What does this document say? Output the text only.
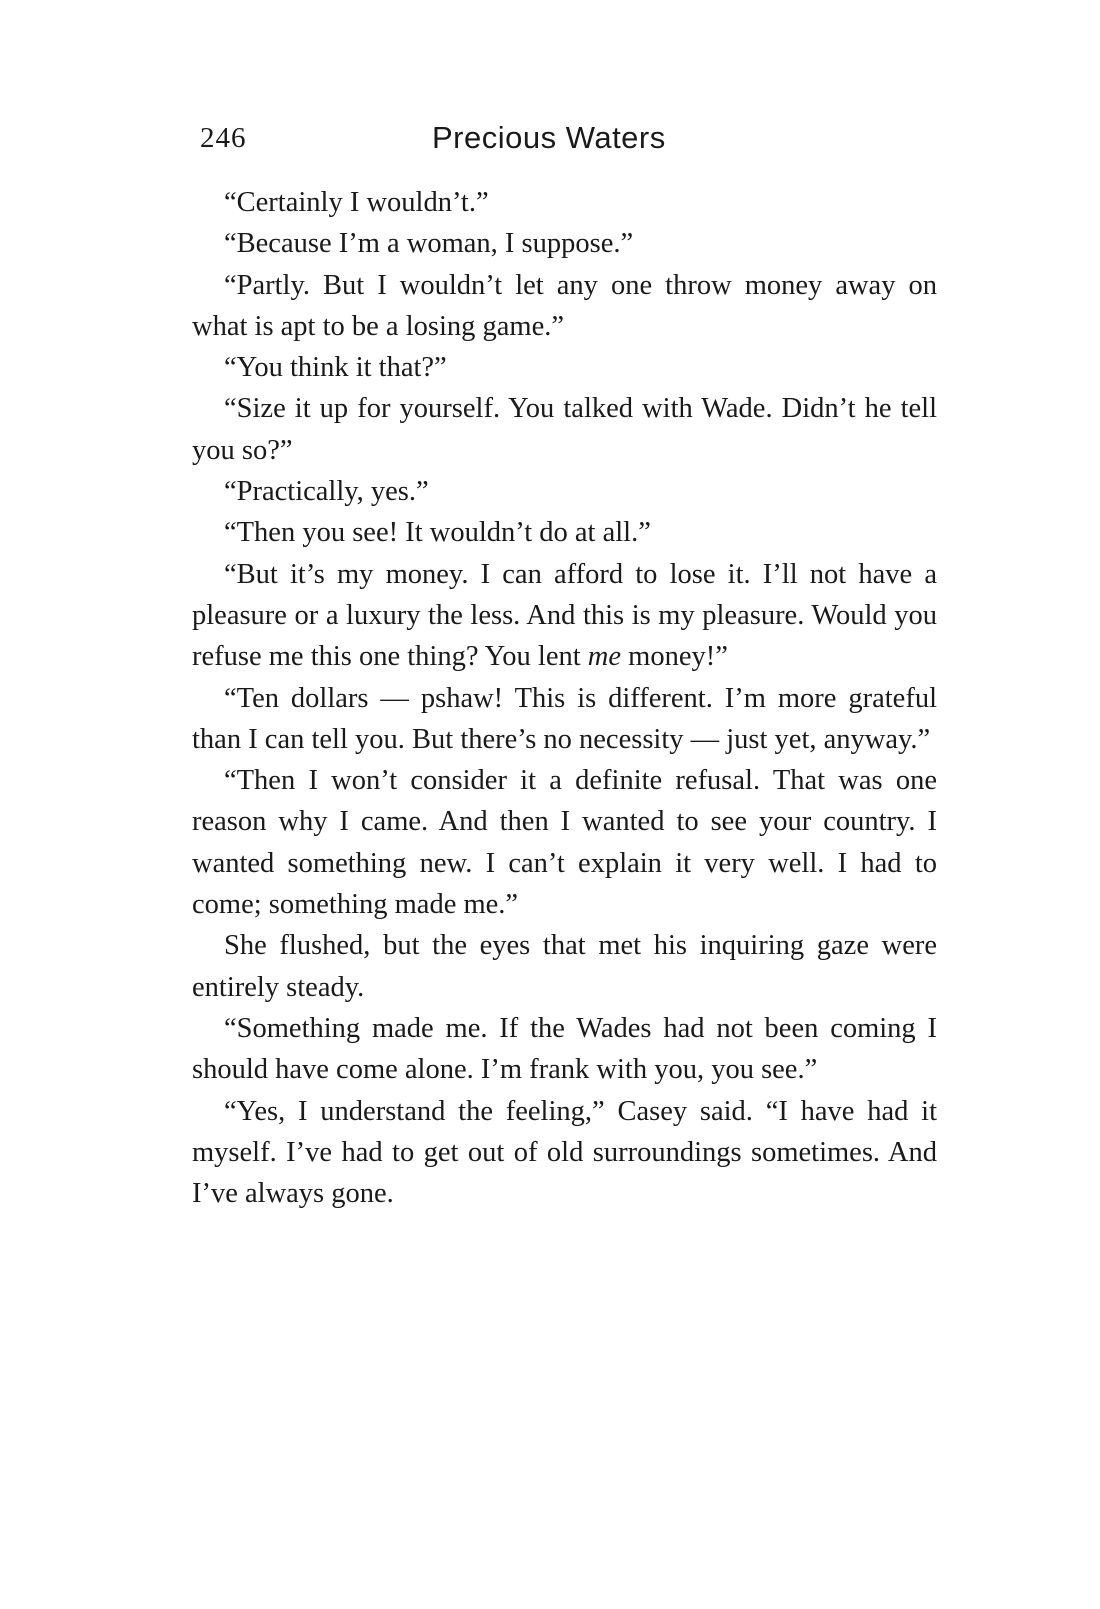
246	Precious Waters

“Certainly I wouldn’t.”

“Because I’m a woman, I suppose.”

“Partly. But I wouldn’t let any one throw money away on what is apt to be a losing game.”

“You think it that?”

“Size it up for yourself. You talked with Wade. Didn’t he tell you so?”

“Practically, yes.”

“Then you see! It wouldn’t do at all.”

“But it’s my money. I can afford to lose it. I’ll not have a pleasure or a luxury the less. And this is my pleasure. Would you refuse me this one thing? You lent me money!”

“Ten dollars — pshaw! This is different. I’m more grateful than I can tell you. But there’s no necessity — just yet, anyway.”

“Then I won’t consider it a definite refusal. That was one reason why I came. And then I wanted to see your country. I wanted something new. I can’t explain it very well. I had to come; something made me.”

She flushed, but the eyes that met his inquiring gaze were entirely steady.

“Something made me. If the Wades had not been coming I should have come alone. I’m frank with you, you see.”

“Yes, I understand the feeling,” Casey said. “I have had it myself. I’ve had to get out of old surroundings sometimes. And I’ve always gone.
